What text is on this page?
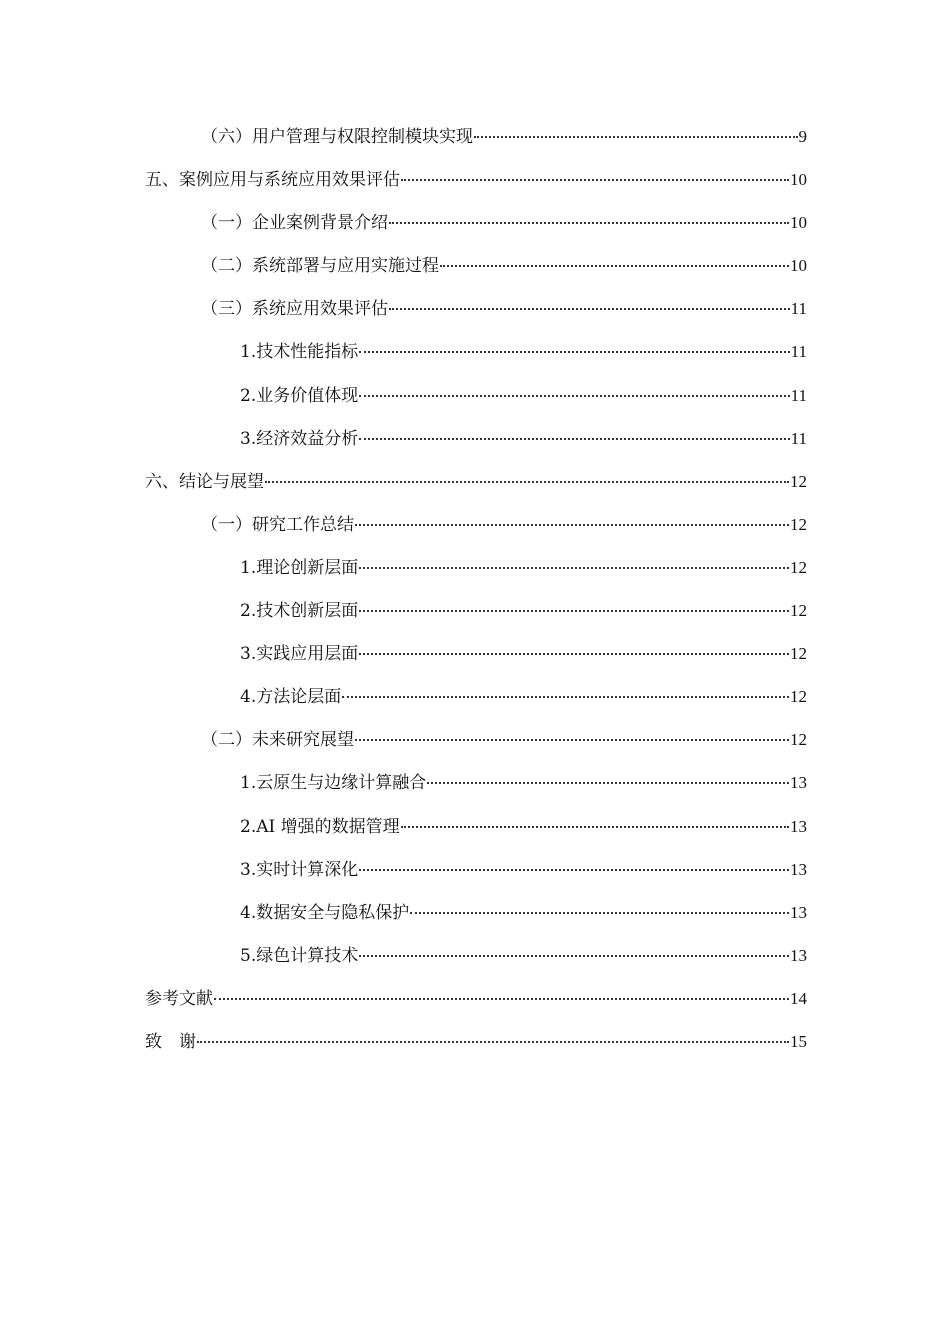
（六）用户管理与权限控制模块实现	9
五、案例应用与系统应用效果评估	10
（一）企业案例背景介绍	10
（二）系统部署与应用实施过程	10
（三）系统应用效果评估	11
1.技术性能指标	11
2.业务价值体现	11
3.经济效益分析	11
六、结论与展望	12
（一）研究工作总结	12
1.理论创新层面	12
2.技术创新层面	12
3.实践应用层面	12
4.方法论层面	12
（二）未来研究展望	12
1.云原生与边缘计算融合	13
2.AI 增强的数据管理	13
3.实时计算深化	13
4.数据安全与隐私保护	13
5.绿色计算技术	13
参考文献	14
致　谢	15
